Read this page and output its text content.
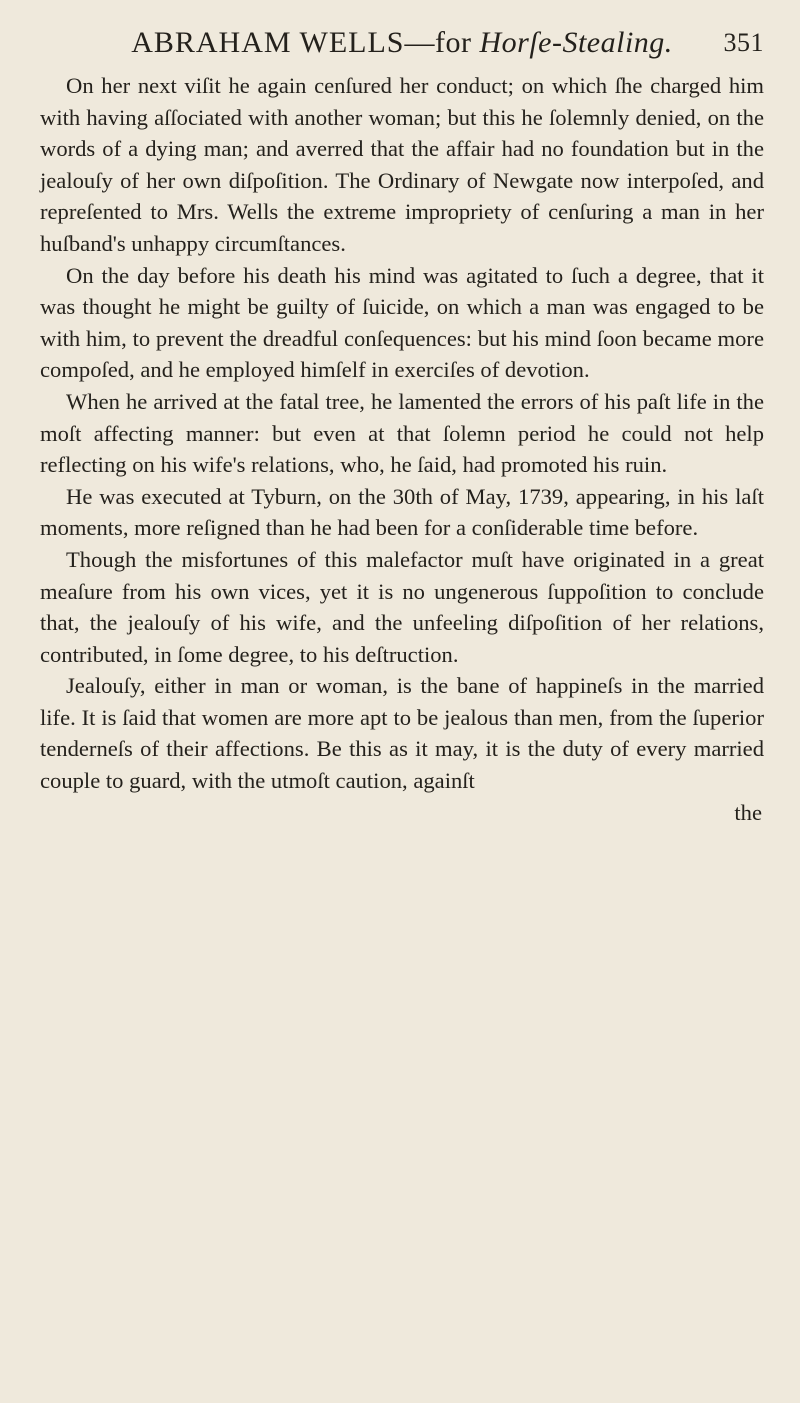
ABRAHAM WELLS—for Horſe-Stealing. 351

On her next viſit he again cenſured her conduct; on which ſhe charged him with having aſſociated with another woman; but this he ſolemnly denied, on the words of a dying man; and averred that the affair had no foundation but in the jealouſy of her own diſpoſition. The Ordinary of Newgate now interpoſed, and repreſented to Mrs. Wells the extreme impropriety of cenſuring a man in her huſband's unhappy circumſtances.

On the day before his death his mind was agitated to ſuch a degree, that it was thought he might be guilty of ſuicide, on which a man was engaged to be with him, to prevent the dreadful conſequences: but his mind ſoon became more compoſed, and he employed himſelf in exerciſes of devotion.

When he arrived at the fatal tree, he lamented the errors of his paſt life in the moſt affecting manner: but even at that ſolemn period he could not help reflecting on his wife's relations, who, he ſaid, had promoted his ruin.

He was executed at Tyburn, on the 30th of May, 1739, appearing, in his laſt moments, more reſigned than he had been for a conſiderable time before.

Though the misfortunes of this malefactor muſt have originated in a great meaſure from his own vices, yet it is no ungenerous ſuppoſition to conclude that, the jealouſy of his wife, and the unfeeling diſpoſition of her relations, contributed, in ſome degree, to his deſtruction.

Jealouſy, either in man or woman, is the bane of happineſs in the married life. It is ſaid that women are more apt to be jealous than men, from the ſuperior tenderneſs of their affections. Be this as it may, it is the duty of every married couple to guard, with the utmoſt caution, againſt

the
